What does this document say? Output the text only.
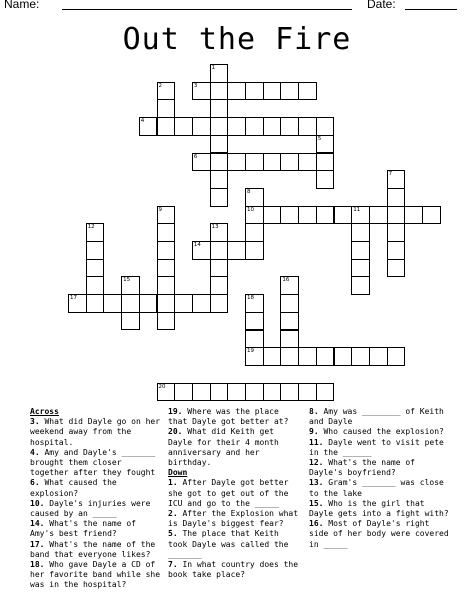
Name:	Date:
Out the Fire
3
4
6
10	11
14
17
19
20
1
2
5
7
8
9
12	13
15	16
18

Across

3. What did Dayle go on her weekend away from the hospital.

4. Amy and Dayle's _______ brought them closer together after they fought

6. What caused the explosion?

10. Dayle's injuries were caused by an _____

14. What's the name of Amy's best friend?

17. What's the name of the band that everyone likes?

18. Who gave Dayle a CD of her favorite band while she was in the hospital?

19. Where was the place that Dayle got better at?

20. What did Keith get Dayle for their 4 month anniversary and her birthday.

Down

1. After Dayle got better she got to get out of the ICU and go to the _____

2. After the Explosion what is Dayle's biggest fear?

5. The place that Keith took Dayle was called the _______

7. In what country does the book take place?

8. Amy was ________ of Keith and Dayle

9. Who caused the explosion?

11. Dayle went to visit pete in the ______

12. What's the name of Dayle's boyfriend?

13. Gram's _______ was close to the lake

15. Who is the girl that Dayle gets into a fight with?

16. Most of Dayle's right side of her body were covered in _____
